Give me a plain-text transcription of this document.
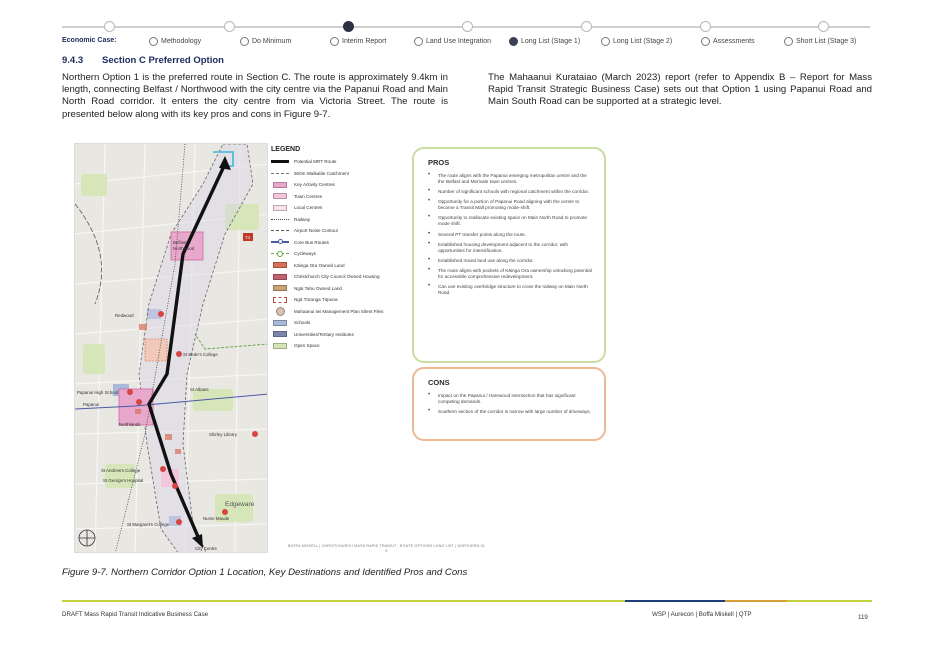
Economic Case:	Methodology	Do Minimum	Interim Report	Land Use Integration	Long List (Stage 1)	Long List (Stage 2)	Assessments	Short List (Stage 3)
9.4.3 Section C Preferred Option

Northern Option 1 is the preferred route in Section C. The route is approximately 9.4km in length, connecting Belfast / Northwood with the city centre via the Papanui Road and Main North Road corridor. It enters the city centre from via Victoria Street. The route is presented below along with its key pros and cons in Figure 9-7.

The Mahaanui Kurataiao (March 2023) report (refer to Appendix B – Report for Mass Rapid Transit Strategic Business Case) sets out that Option 1 using Papanui Road and Main South Road can be supported at a strategic level.

Belfast
Northwood
Redwood
St Bede's College
Papanui High School
Papanui
Northlands
St Andrew's College
St George's Hospital
St Margaret's College
Edgeware
Shirley Library
Nurse Maude
City Centre
St Albans
74
LEGEND
Potential MRT Route
500m Walkable Catchment
Key Activity Centres
Town Centres
Local Centres
Railway
Airport Noise Contour
Core Bus Routes
Cycleways
Kāinga Ora Owned Land
Christchurch City Council Owned Housing
Ngāi Tahu Owned Land
Ngā Tūranga Tūpuna
Mahaanui Iwi Management Plan Silent Files
Schools
Universities/Tertiary Institutes
Open Space
PROS
• The route aligns with the Papanui emerging metropolitan centre and the the Belfast and Merivale town centres.
• Number of significant schools with regional catchment within the corridor.
• Opportunity for a portion of Papanui Road aligning with the centre to become a Transit Mall promoting mode-shift.
• Opportunity to reallocate existing space on Main North Road to promote mode shift.
• Several PT transfer points along the route.
• Established housing development adjacent to the corridor, with opportunities for intensification.
• Established mixed land use along the corridor.
• The route aligns with pockets of Kāinga Ora ownership unlocking potential for accessible comprehensive redevelopment.
• Can use existing overbridge structure to cross the railway on Main North Road.
CONS
• Impact on the Papanui / Harewood intersection that has significant competing demands.
• Southern section of the corridor is narrow with large number of driveways.
BOFFA MISKELL | CHRISTCHURCH MASS RAPID TRANSIT : ROUTE OPTIONS LONG LIST | NORTHERN 01
5
Figure 9-7. Northern Corridor Option 1 Location, Key Destinations and Identified Pros and Cons
DRAFT Mass Rapid Transit Indicative Business Case	WSP | Aurecon | Boffa Miskell | QTP	119
